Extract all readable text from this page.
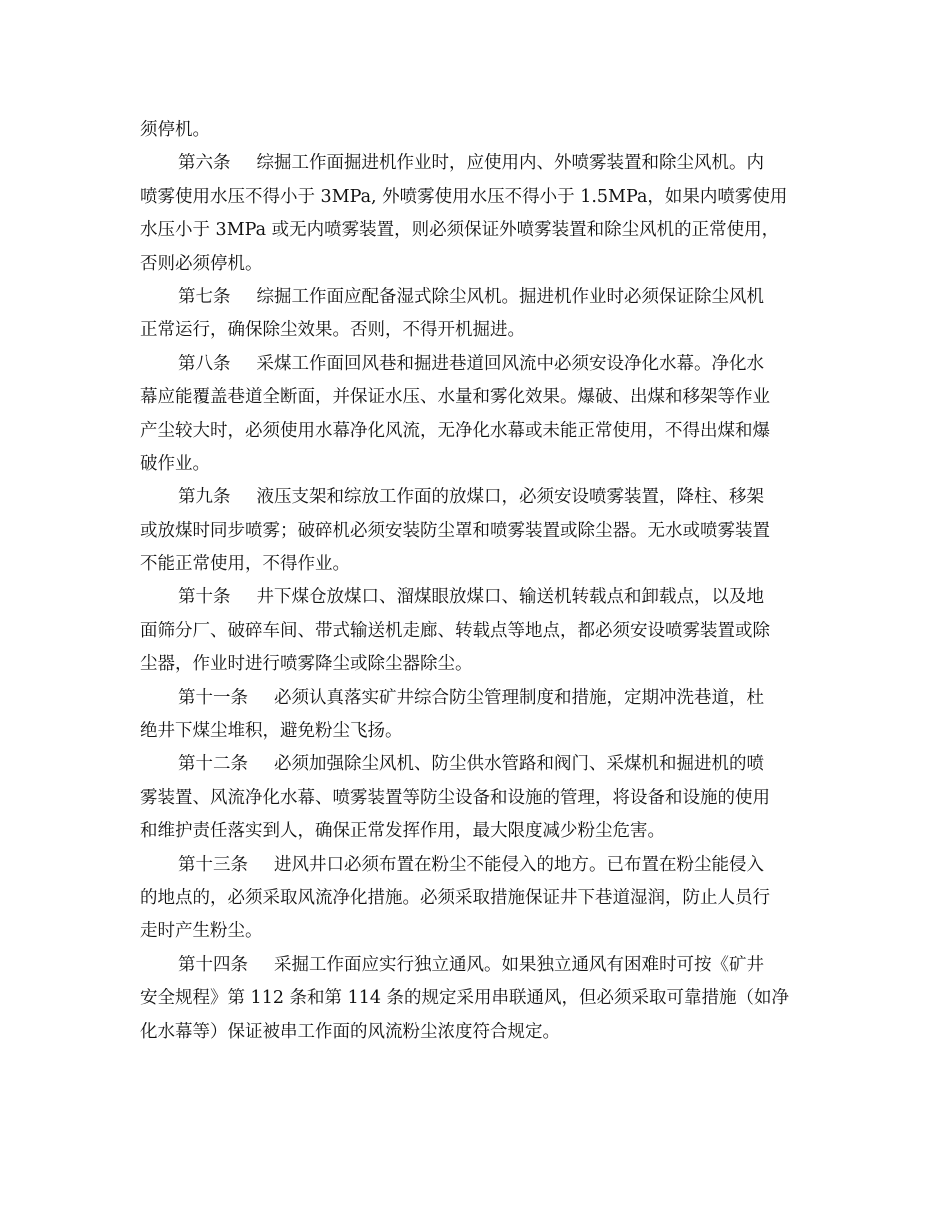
须停机。
第六条 综掘工作面掘进机作业时，应使用内、外喷雾装置和除尘风机。内
喷雾使用水压不得小于 3MPa, 外喷雾使用水压不得小于 1.5MPa，如果内喷雾使用
水压小于 3MPa 或无内喷雾装置，则必须保证外喷雾装置和除尘风机的正常使用，
否则必须停机。
第七条 综掘工作面应配备湿式除尘风机。掘进机作业时必须保证除尘风机
正常运行，确保除尘效果。否则，不得开机掘进。
第八条 采煤工作面回风巷和掘进巷道回风流中必须安设净化水幕。净化水
幕应能覆盖巷道全断面，并保证水压、水量和雾化效果。爆破、出煤和移架等作业
产尘较大时，必须使用水幕净化风流，无净化水幕或未能正常使用，不得出煤和爆
破作业。
第九条 液压支架和综放工作面的放煤口，必须安设喷雾装置，降柱、移架
或放煤时同步喷雾；破碎机必须安装防尘罩和喷雾装置或除尘器。无水或喷雾装置
不能正常使用，不得作业。
第十条 井下煤仓放煤口、溜煤眼放煤口、输送机转载点和卸载点，以及地
面筛分厂、破碎车间、带式输送机走廊、转载点等地点，都必须安设喷雾装置或除
尘器，作业时进行喷雾降尘或除尘器除尘。
第十一条 必须认真落实矿井综合防尘管理制度和措施，定期冲洗巷道，杜
绝井下煤尘堆积，避免粉尘飞扬。
第十二条 必须加强除尘风机、防尘供水管路和阀门、采煤机和掘进机的喷
雾装置、风流净化水幕、喷雾装置等防尘设备和设施的管理，将设备和设施的使用
和维护责任落实到人，确保正常发挥作用，最大限度减少粉尘危害。
第十三条 进风井口必须布置在粉尘不能侵入的地方。已布置在粉尘能侵入
的地点的，必须采取风流净化措施。必须采取措施保证井下巷道湿润，防止人员行
走时产生粉尘。
第十四条 采掘工作面应实行独立通风。如果独立通风有困难时可按《矿井
安全规程》第 112 条和第 114 条的规定采用串联通风，但必须采取可靠措施（如净
化水幕等）保证被串工作面的风流粉尘浓度符合规定。
